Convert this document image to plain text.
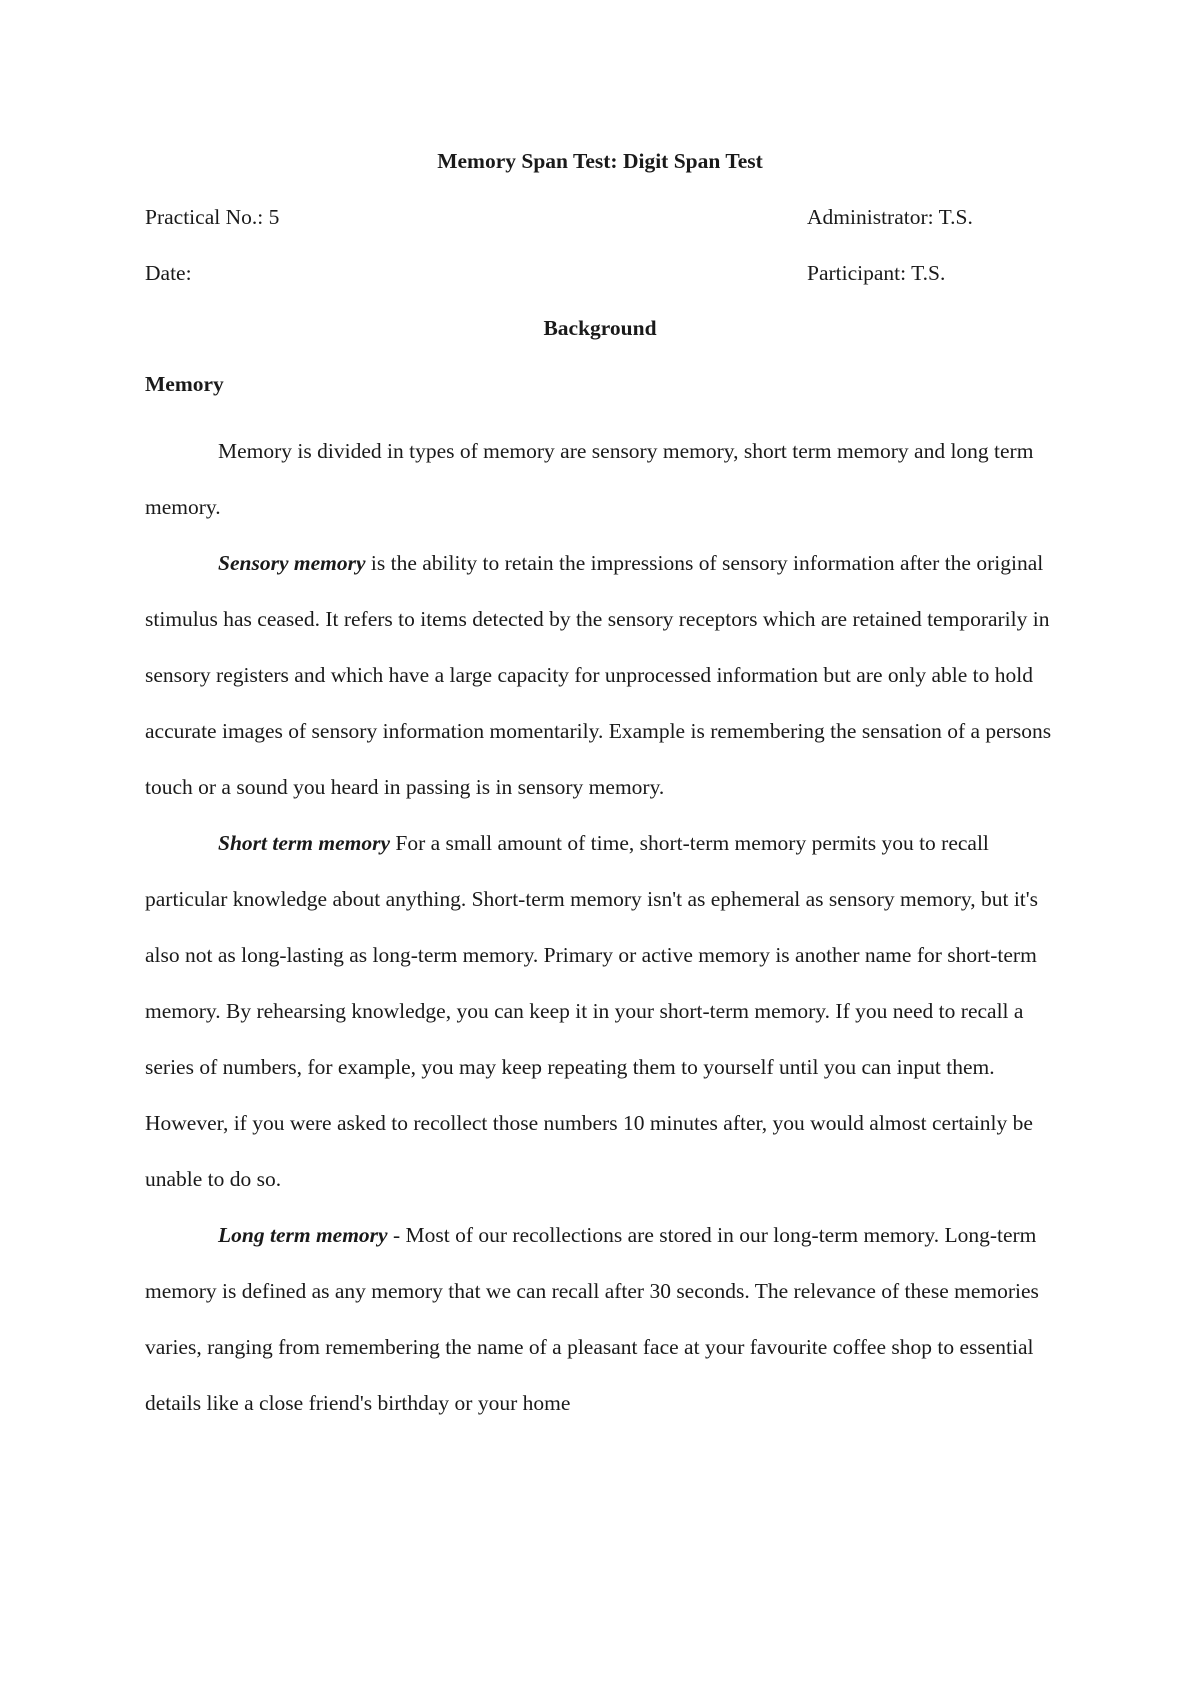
Memory Span Test: Digit Span Test
Practical No.: 5	Administrator: T.S.
Date:	Participant: T.S.
Background
Memory

Memory is divided in types of memory are sensory memory, short term memory and long term memory.

Sensory memory is the ability to retain the impressions of sensory information after the original stimulus has ceased. It refers to items detected by the sensory receptors which are retained temporarily in sensory registers and which have a large capacity for unprocessed information but are only able to hold accurate images of sensory information momentarily. Example is remembering the sensation of a persons touch or a sound you heard in passing is in sensory memory.

Short term memory For a small amount of time, short-term memory permits you to recall particular knowledge about anything. Short-term memory isn't as ephemeral as sensory memory, but it's also not as long-lasting as long-term memory. Primary or active memory is another name for short-term memory. By rehearsing knowledge, you can keep it in your short-term memory. If you need to recall a series of numbers, for example, you may keep repeating them to yourself until you can input them. However, if you were asked to recollect those numbers 10 minutes after, you would almost certainly be unable to do so.

Long term memory - Most of our recollections are stored in our long-term memory. Long-term memory is defined as any memory that we can recall after 30 seconds. The relevance of these memories varies, ranging from remembering the name of a pleasant face at your favourite coffee shop to essential details like a close friend's birthday or your home
